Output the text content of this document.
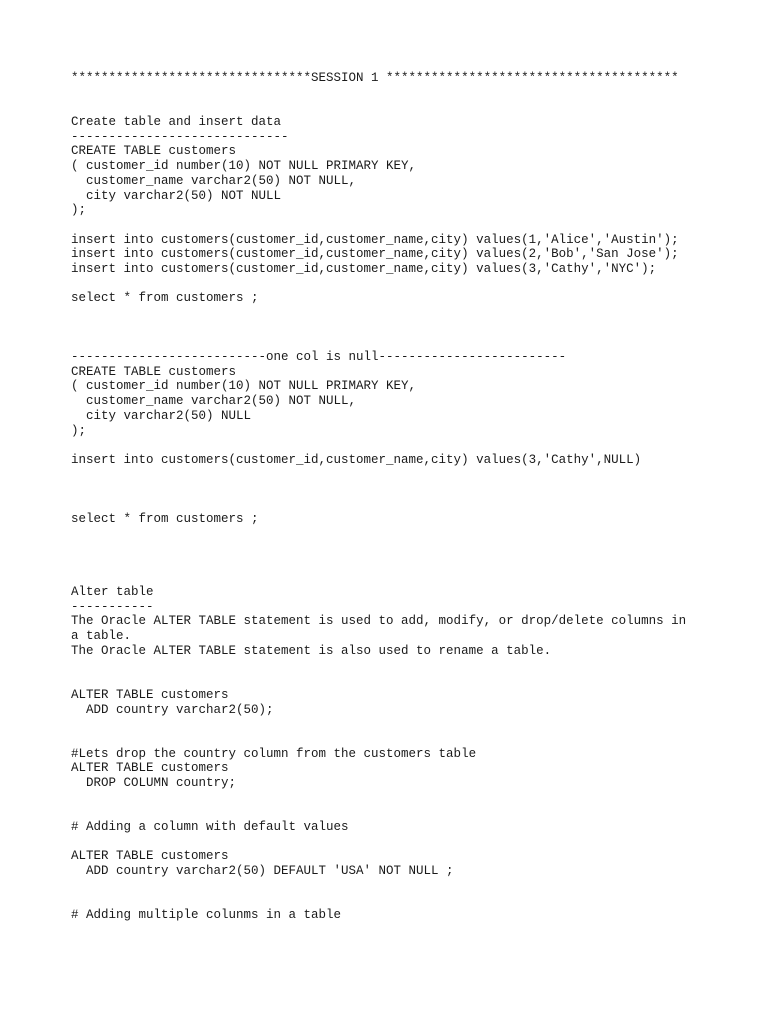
********************************SESSION 1 ***************************************
Create table and insert data
-----------------------------
CREATE TABLE customers
( customer_id number(10) NOT NULL PRIMARY KEY,
customer_name varchar2(50) NOT NULL,
city varchar2(50) NOT NULL
);
insert into customers(customer_id,customer_name,city) values(1,'Alice','Austin');
insert into customers(customer_id,customer_name,city) values(2,'Bob','San Jose');
insert into customers(customer_id,customer_name,city) values(3,'Cathy','NYC');
select * from customers ;
--------------------------one col is null-------------------------
CREATE TABLE customers
( customer_id number(10) NOT NULL PRIMARY KEY,
customer_name varchar2(50) NOT NULL,
city varchar2(50) NULL
);
insert into customers(customer_id,customer_name,city) values(3,'Cathy',NULL)
select * from customers ;
Alter table
-----------
The Oracle ALTER TABLE statement is used to add, modify, or drop/delete columns in
a table.
The Oracle ALTER TABLE statement is also used to rename a table.
ALTER TABLE customers
ADD country varchar2(50);
#Lets drop the country column from the customers table
ALTER TABLE customers
DROP COLUMN country;
# Adding a column with default values
ALTER TABLE customers
ADD country varchar2(50) DEFAULT 'USA' NOT NULL ;
# Adding multiple colunms in a table
